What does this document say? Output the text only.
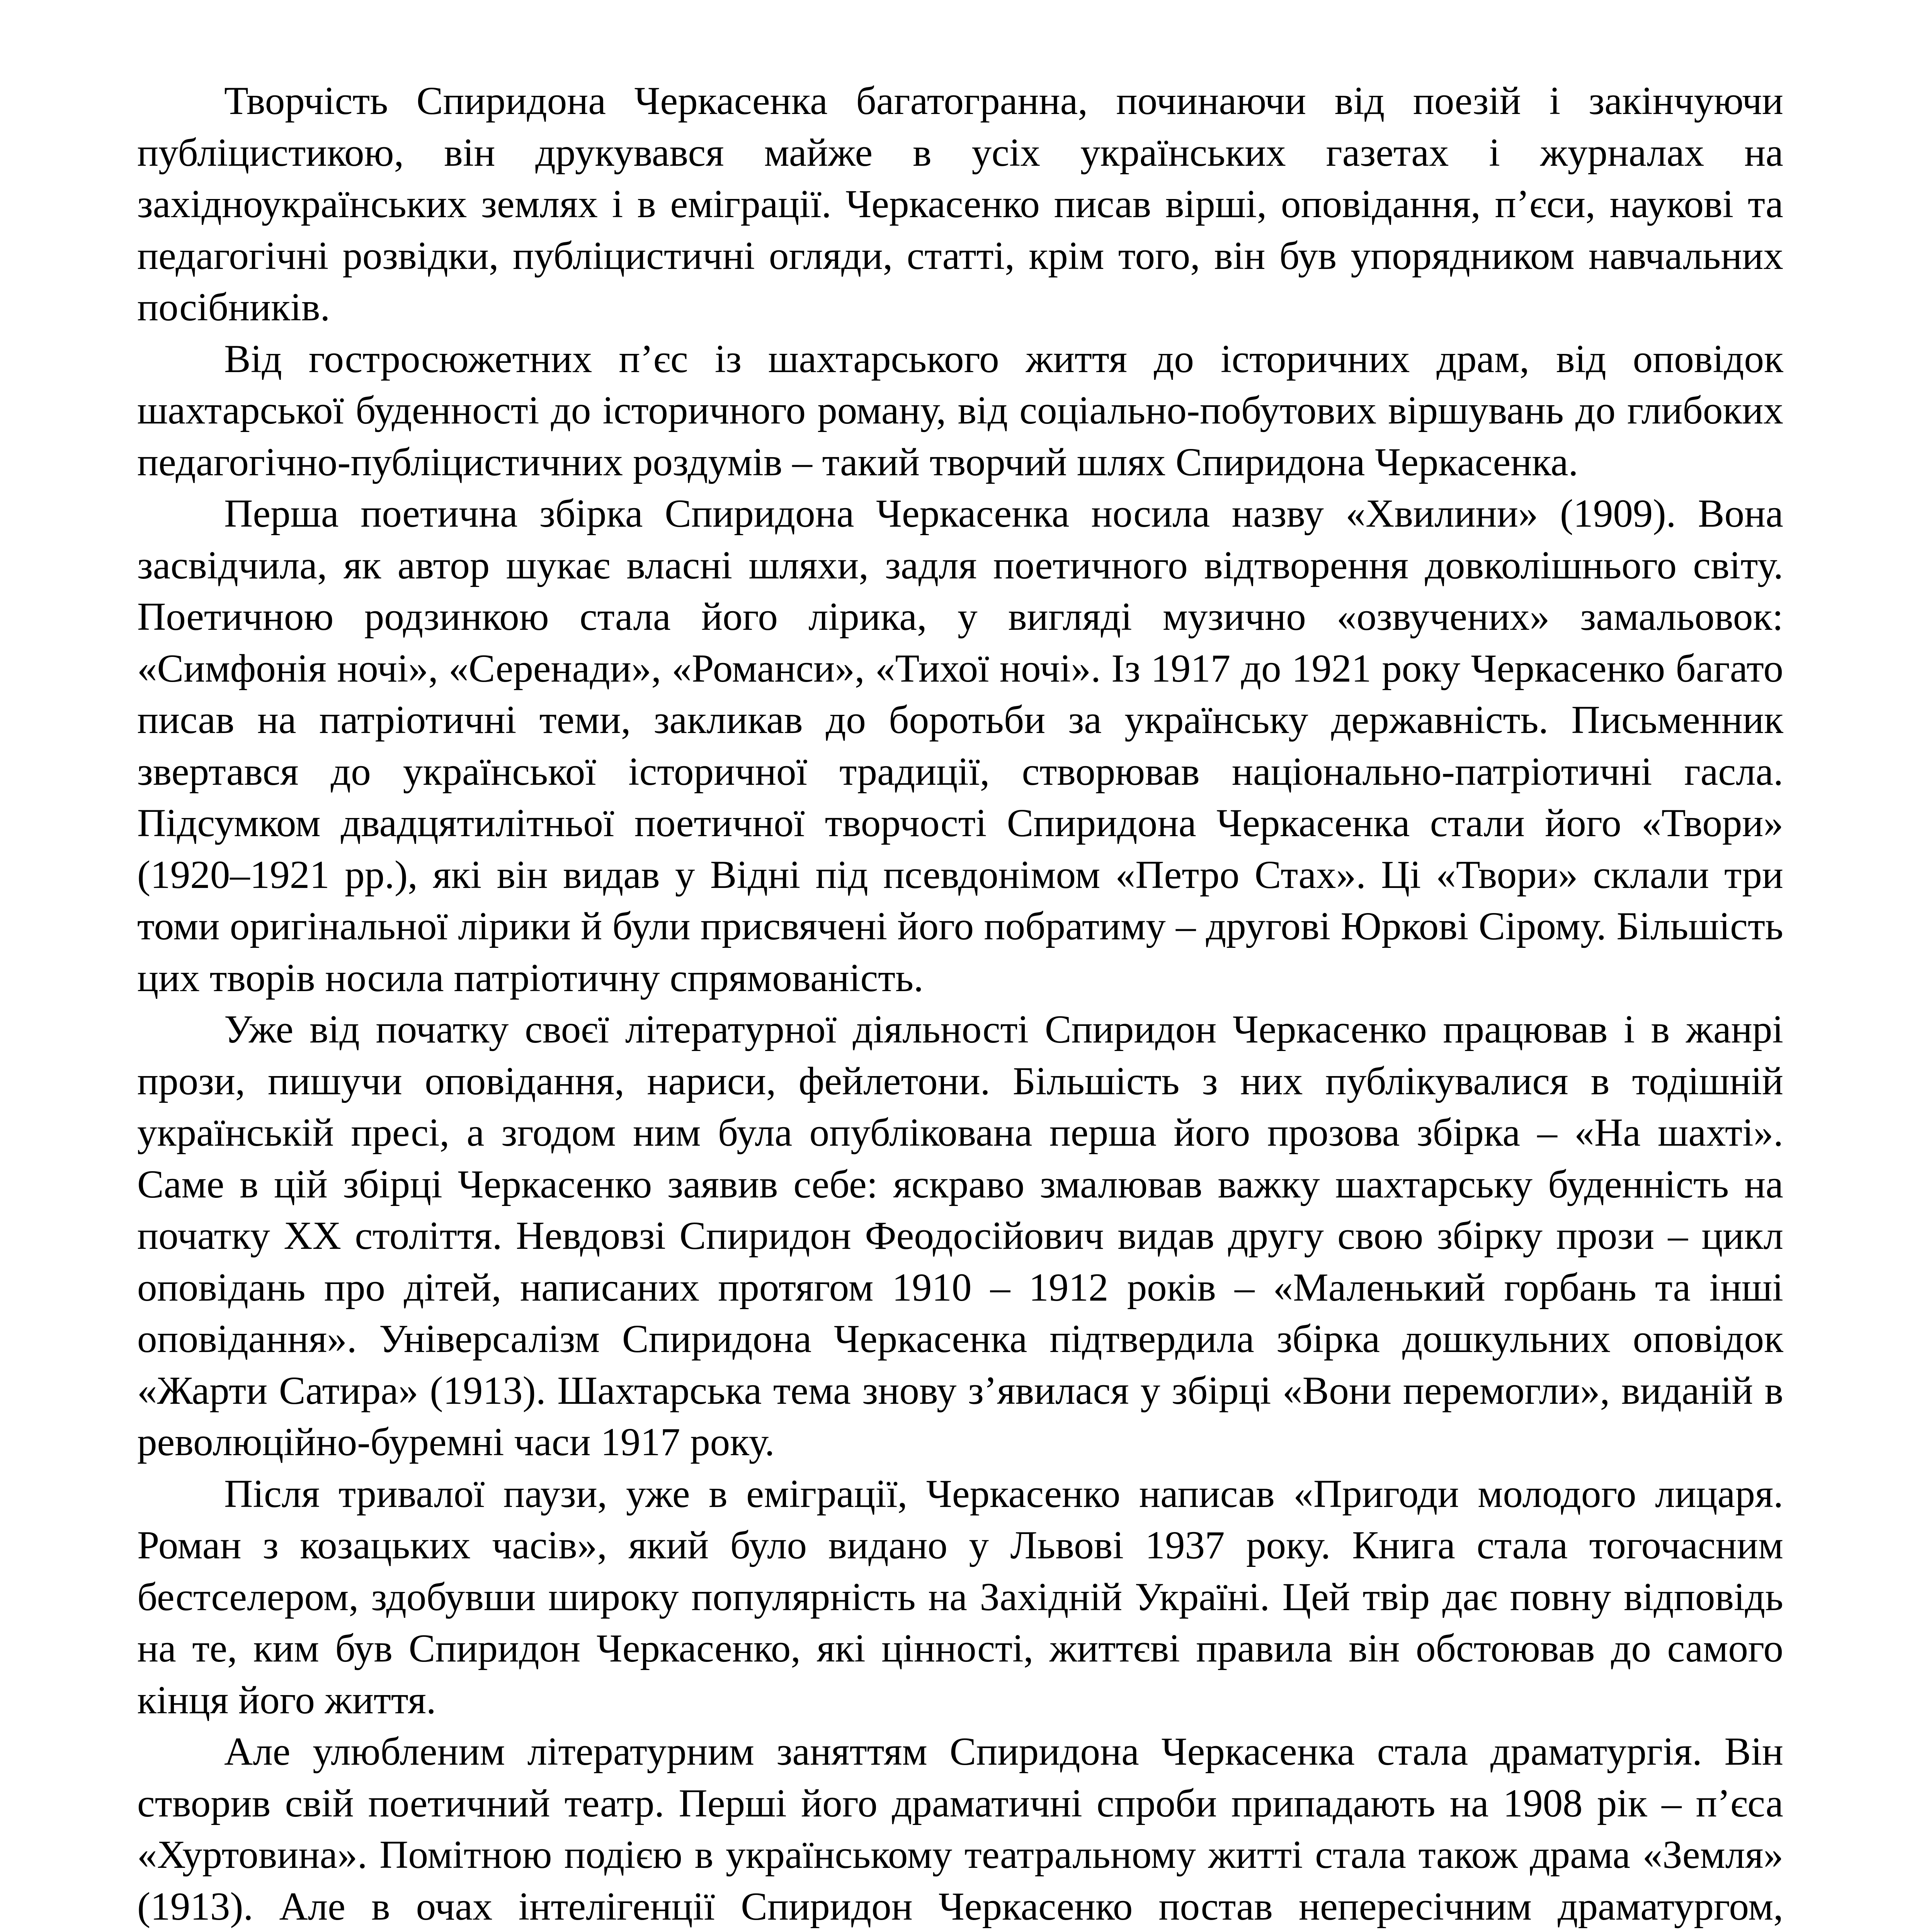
Творчість Спиридона Черкасенка багатогранна, починаючи від поезій і закінчуючи публіцистикою, він друкувався майже в усіх українських газетах і журналах на західноукраїнських землях і в еміграції. Черкасенко писав вірші, оповідання, п’єси, наукові та педагогічні розвідки, публіцистичні огляди, статті, крім того, він був упорядником навчальних посібників.

Від гостросюжетних п’єс із шахтарського життя до історичних драм, від оповідок шахтарської буденності до історичного роману, від соціально-побутових віршувань до глибоких педагогічно-публіцистичних роздумів – такий творчий шлях Спиридона Черкасенка.

Перша поетична збірка Спиридона Черкасенка носила назву «Хвилини» (1909). Вона засвідчила, як автор шукає власні шляхи, задля поетичного відтворення довколішнього світу. Поетичною родзинкою стала його лірика, у вигляді музично «озвучених» замальовок: «Симфонія ночі», «Серенади», «Романси», «Тихої ночі». Із 1917 до 1921 року Черкасенко багато писав на патріотичні теми, закликав до боротьби за українську державність. Письменник звертався до української історичної традиції, створював національно-патріотичні гасла. Підсумком двадцятилітньої поетичної творчості Спиридона Черкасенка стали його «Твори» (1920–1921 рр.), які він видав у Відні під псевдонімом «Петро Стах». Ці «Твори» склали три томи оригінальної лірики й були присвячені його побратиму – другові Юркові Сірому. Більшість цих творів носила патріотичну спрямованість.

Уже від початку своєї літературної діяльності Спиридон Черкасенко працював і в жанрі прози, пишучи оповідання, нариси, фейлетони. Більшість з них публікувалися в тодішній українській пресі, а згодом ним була опублікована перша його прозова збірка – «На шахті». Саме в цій збірці Черкасенко заявив себе: яскраво змалював важку шахтарську буденність на початку ХХ століття. Невдовзі Спиридон Феодосійович видав другу свою збірку прози – цикл оповідань про дітей, написаних протягом 1910 – 1912 років – «Маленький горбань та інші оповідання». Універсалізм Спиридона Черкасенка підтвердила збірка дошкульних оповідок «Жарти Сатира» (1913). Шахтарська тема знову з’явилася у збірці «Вони перемогли», виданій в революційно-буремні часи 1917 року.

Після тривалої паузи, уже в еміграції, Черкасенко написав «Пригоди молодого лицаря. Роман з козацьких часів», який було видано у Львові 1937 року. Книга стала тогочасним бестселером, здобувши широку популярність на Західній Україні. Цей твір дає повну відповідь на те, ким був Спиридон Черкасенко, які цінності, життєві правила він обстоював до самого кінця його життя.

Але улюбленим літературним заняттям Спиридона Черкасенка стала драматургія. Він створив свій поетичний театр. Перші його драматичні спроби припадають на 1908 рік – п’єса «Хуртовина». Помітною подією в українському театральному житті стала також драма «Земля» (1913). Але в очах інтелігенції Спиридон Черкасенко постав непересічним драматургом,
